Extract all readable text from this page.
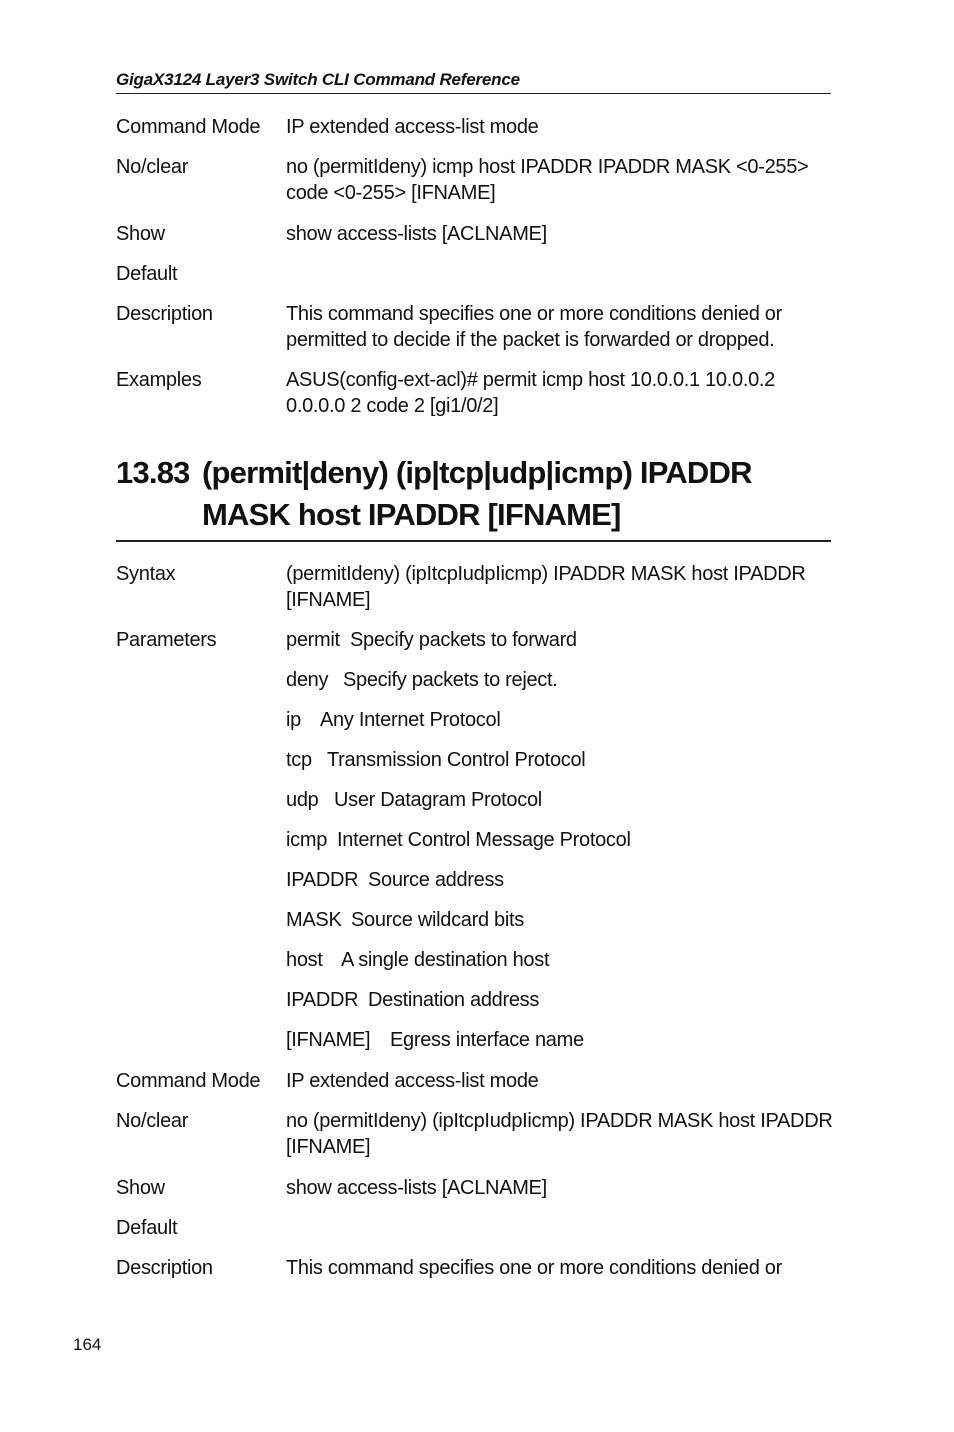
GigaX3124 Layer3 Switch CLI Command Reference
Command Mode	IP extended access-list mode
No/clear	no (permitIdeny) icmp host IPADDR IPADDR MASK <0-255> code <0-255> [IFNAME]
Show	show access-lists [ACLNAME]
Default
Description	This command specifies one or more conditions denied or permitted to decide if the packet is forwarded or dropped.
Examples	ASUS(config-ext-acl)# permit icmp host 10.0.0.1 10.0.0.2 0.0.0.0 2 code 2 [gi1/0/2]
13.83 (permit|deny) (ip|tcp|udp|icmp) IPADDR MASK host IPADDR [IFNAME]
Syntax	(permitIdeny) (ipItcpIudpIicmp) IPADDR MASK host IPADDR [IFNAME]
Parameters	permit Specify packets to forward
deny Specify packets to reject.
ip Any Internet Protocol
tcp Transmission Control Protocol
udp User Datagram Protocol
icmp Internet Control Message Protocol
IPADDR Source address
MASK Source wildcard bits
host A single destination host
IPADDR Destination address
[IFNAME] Egress interface name
Command Mode	IP extended access-list mode
No/clear	no (permitIdeny) (ipItcpIudpIicmp) IPADDR MASK host IPADDR [IFNAME]
Show	show access-lists [ACLNAME]
Default
Description	This command specifies one or more conditions denied or
164
